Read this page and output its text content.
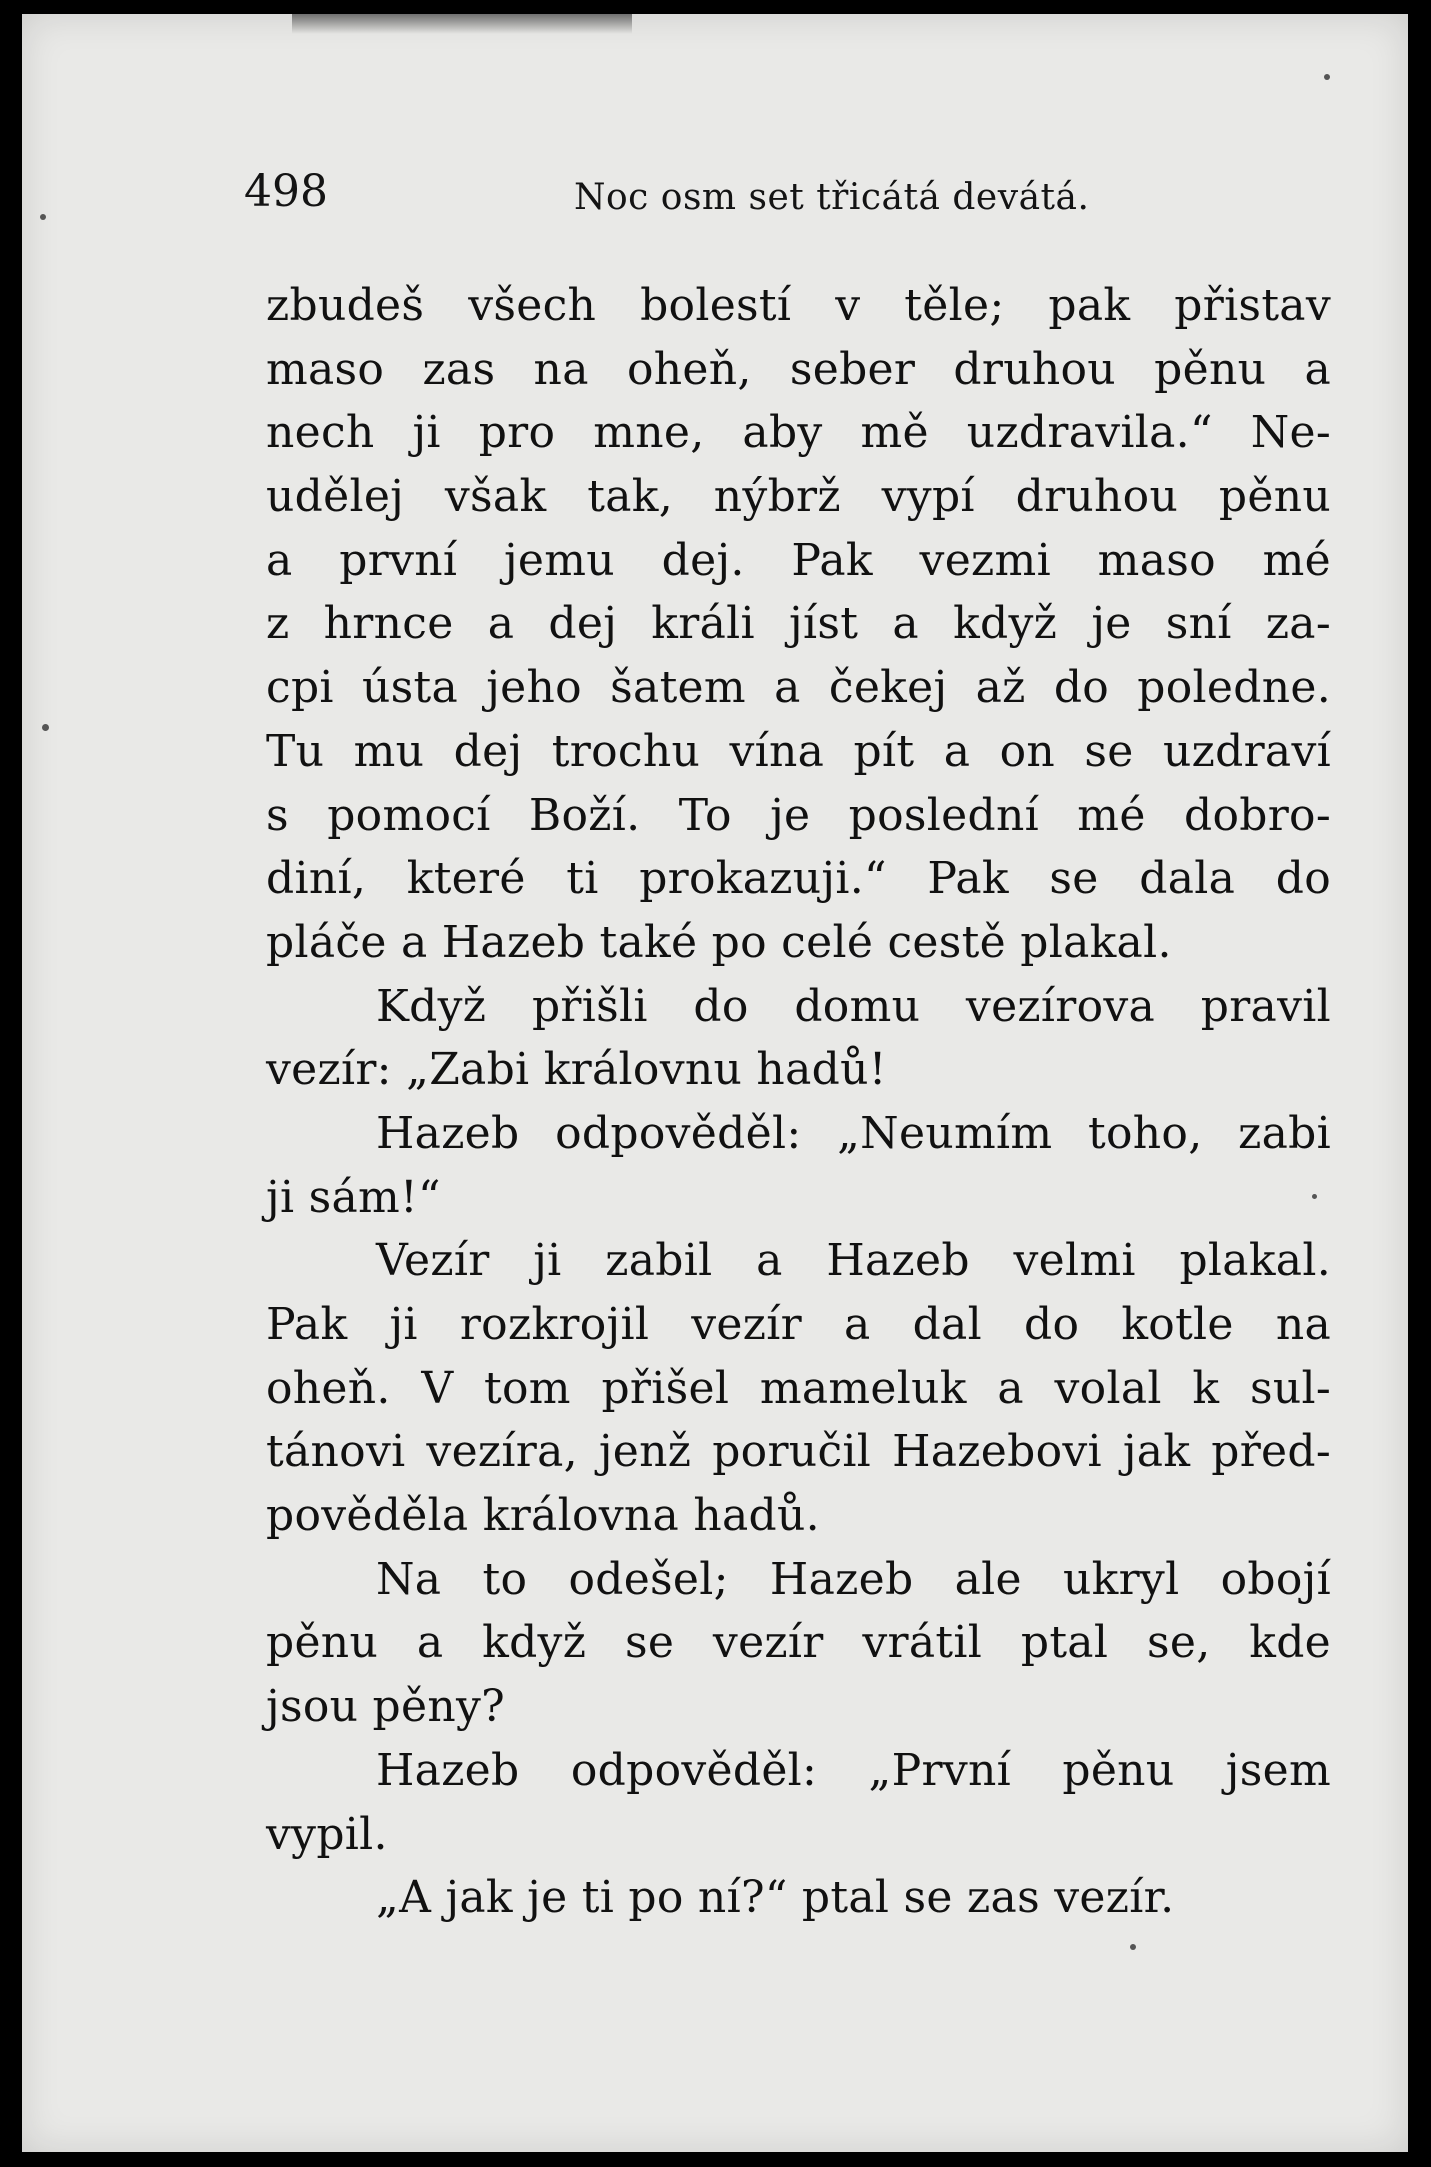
498	Noc osm set třicátá devátá.
zbudeš všech bolestí v těle; pak přistav
maso zas na oheň, seber druhou pěnu a
nech ji pro mne, aby mě uzdravila.“ Ne-
udělej však tak, nýbrž vypí druhou pěnu
a první jemu dej. Pak vezmi maso mé
z hrnce a dej králi jíst a když je sní za-
cpi ústa jeho šatem a čekej až do poledne.
Tu mu dej trochu vína pít a on se uzdraví
s pomocí Boží. To je poslední mé dobro-
diní, které ti prokazuji.“ Pak se dala do
pláče a Hazeb také po celé cestě plakal.
Když přišli do domu vezírova pravil
vezír: „Zabi královnu hadů!
Hazeb odpověděl: „Neumím toho, zabi
ji sám!“
Vezír ji zabil a Hazeb velmi plakal.
Pak ji rozkrojil vezír a dal do kotle na
oheň. V tom přišel mameluk a volal k sul-
tánovi vezíra, jenž poručil Hazebovi jak před-
pověděla královna hadů.
Na to odešel; Hazeb ale ukryl obojí
pěnu a když se vezír vrátil ptal se, kde
jsou pěny?
Hazeb odpověděl: „První pěnu jsem
vypil.
„A jak je ti po ní?“ ptal se zas vezír.
